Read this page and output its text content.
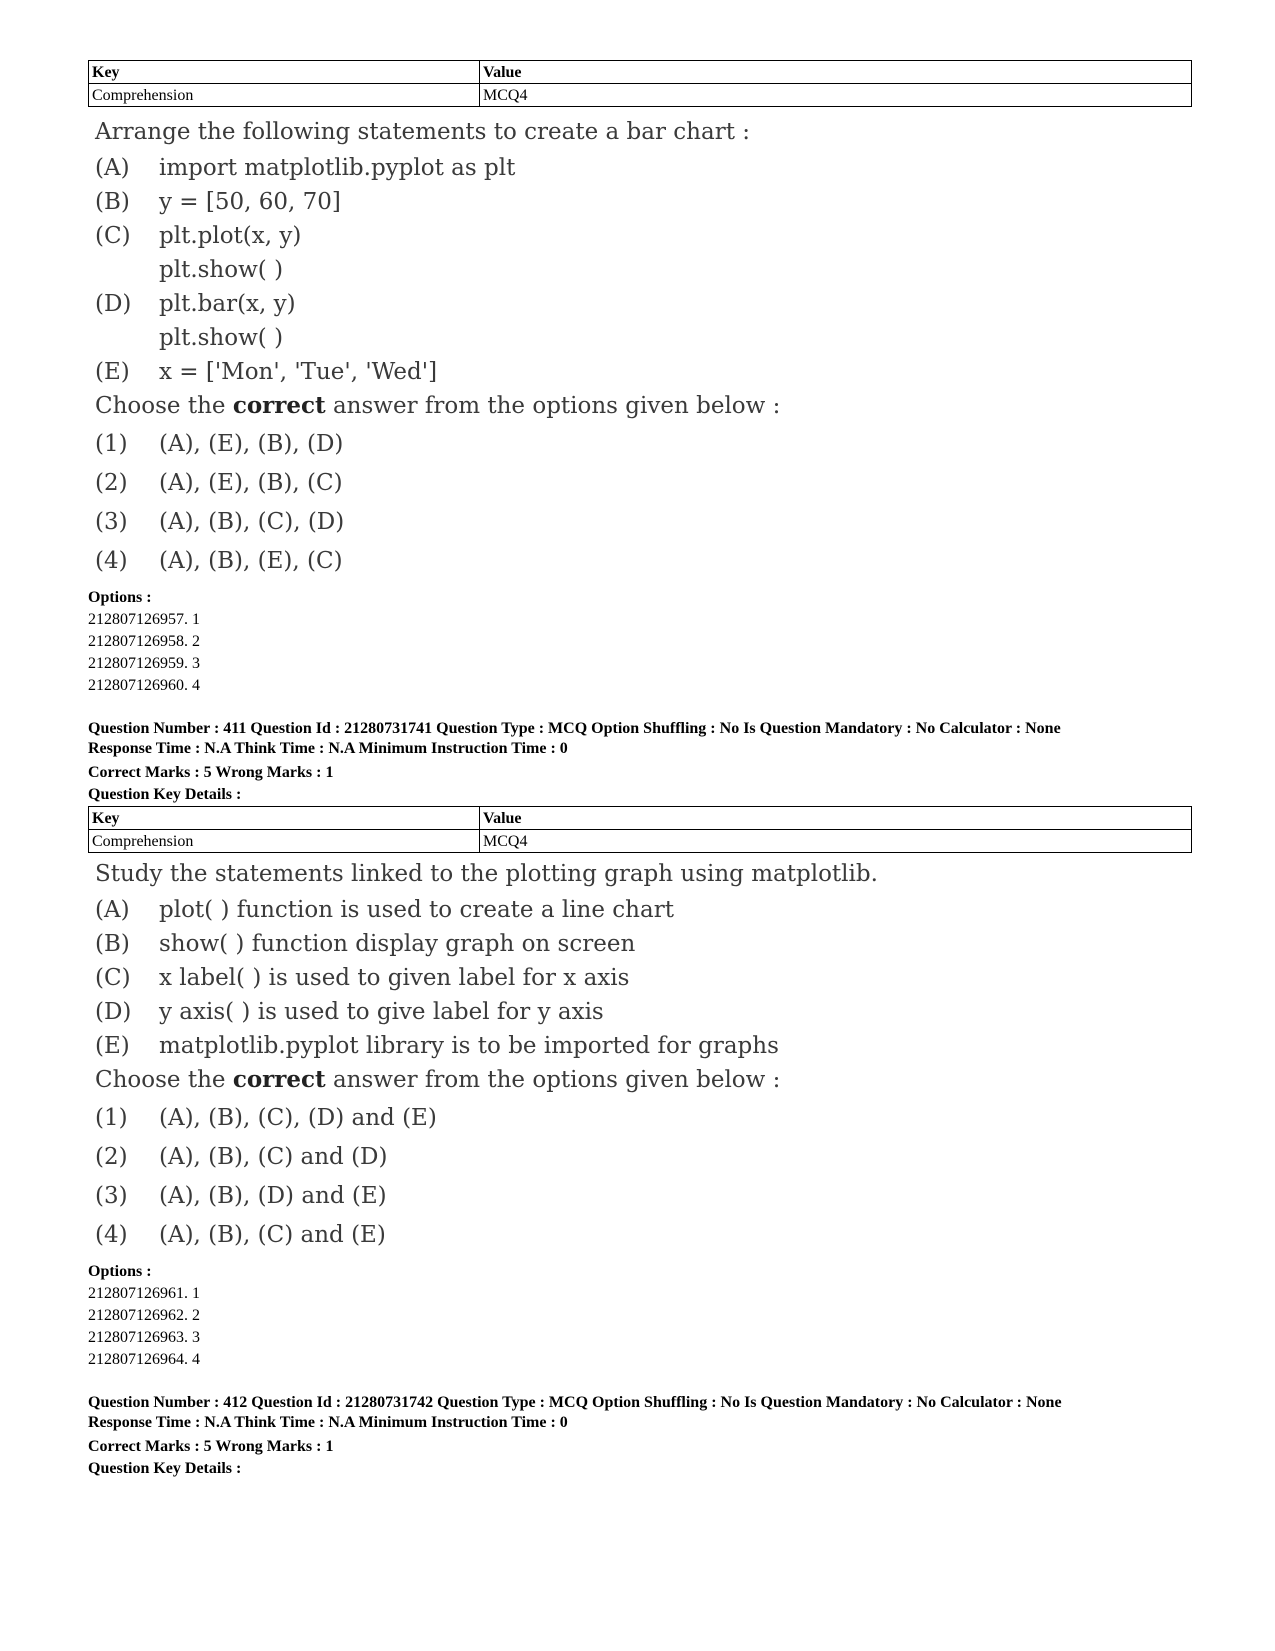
Key	Value
Comprehension	MCQ4
Arrange the following statements to create a bar chart :
(A)	import matplotlib.pyplot as plt
(B)	y = [50, 60, 70]
(C)	plt.plot(x, y)
plt.show( )
(D)	plt.bar(x, y)
plt.show( )
(E)	x = ['Mon', 'Tue', 'Wed']
Choose the correct answer from the options given below :
(1)	(A), (E), (B), (D)
(2)	(A), (E), (B), (C)
(3)	(A), (B), (C), (D)
(4)	(A), (B), (E), (C)
Options :
212807126957. 1
212807126958. 2
212807126959. 3
212807126960. 4
Question Number : 411 Question Id : 21280731741 Question Type : MCQ Option Shuffling : No Is Question Mandatory : No Calculator : None
Response Time : N.A Think Time : N.A Minimum Instruction Time : 0
Correct Marks : 5 Wrong Marks : 1
Question Key Details :
Key	Value
Comprehension	MCQ4
Study the statements linked to the plotting graph using matplotlib.
(A)	plot( ) function is used to create a line chart
(B)	show( ) function display graph on screen
(C)	x label( ) is used to given label for x axis
(D)	y axis( ) is used to give label for y axis
(E)	matplotlib.pyplot library is to be imported for graphs
Choose the correct answer from the options given below :
(1)	(A), (B), (C), (D) and (E)
(2)	(A), (B), (C) and (D)
(3)	(A), (B), (D) and (E)
(4)	(A), (B), (C) and (E)
Options :
212807126961. 1
212807126962. 2
212807126963. 3
212807126964. 4
Question Number : 412 Question Id : 21280731742 Question Type : MCQ Option Shuffling : No Is Question Mandatory : No Calculator : None
Response Time : N.A Think Time : N.A Minimum Instruction Time : 0
Correct Marks : 5 Wrong Marks : 1
Question Key Details :
